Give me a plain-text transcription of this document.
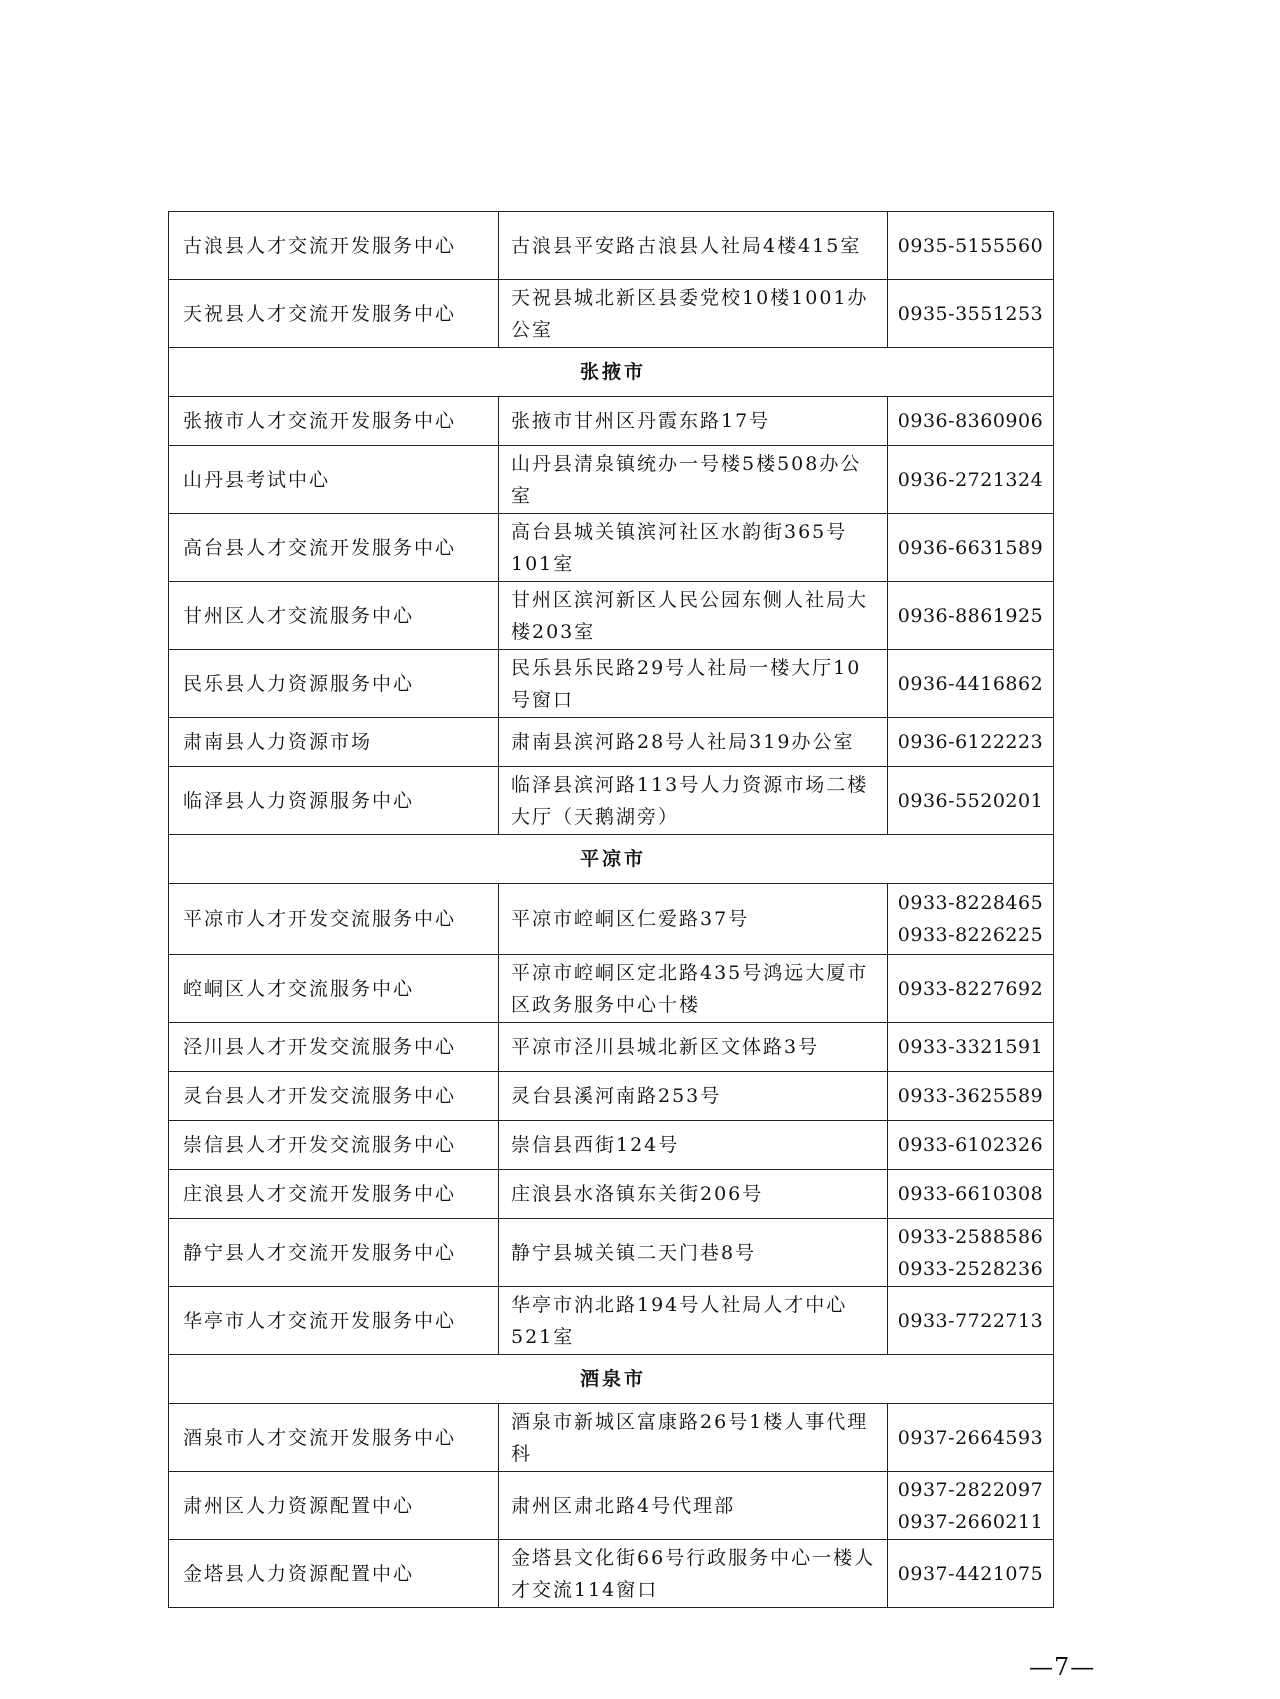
古浪县人才交流开发服务中心	古浪县平安路古浪县人社局4楼415室	0935-5155560

天祝县人才交流开发服务中心	天祝县城北新区县委党校10楼1001办公室	0935-3551253

张掖市		
张掖市人才交流开发服务中心	张掖市甘州区丹霞东路17号	0936-8360906

山丹县考试中心	山丹县清泉镇统办一号楼5楼508办公室	0936-2721324

高台县人才交流开发服务中心	高台县城关镇滨河社区水韵街365号101室	0936-6631589

甘州区人才交流服务中心	甘州区滨河新区人民公园东侧人社局大楼203室	0936-8861925

民乐县人力资源服务中心	民乐县乐民路29号人社局一楼大厅10号窗口	0936-4416862

肃南县人力资源市场	肃南县滨河路28号人社局319办公室	0936-6122223

临泽县人力资源服务中心	临泽县滨河路113号人力资源市场二楼大厅（天鹅湖旁）	0936-5520201

平凉市		
平凉市人才开发交流服务中心	平凉市崆峒区仁爱路37号	0933-8228465
0933-8226225

崆峒区人才交流服务中心	平凉市崆峒区定北路435号鸿远大厦市区政务服务中心十楼	0933-8227692

泾川县人才开发交流服务中心	平凉市泾川县城北新区文体路3号	0933-3321591

灵台县人才开发交流服务中心	灵台县溪河南路253号	0933-3625589

崇信县人才开发交流服务中心	崇信县西街124号	0933-6102326

庄浪县人才交流开发服务中心	庄浪县水洛镇东关街206号	0933-6610308

静宁县人才交流开发服务中心	静宁县城关镇二天门巷8号	0933-2588586
0933-2528236

华亭市人才交流开发服务中心	华亭市汭北路194号人社局人才中心521室	0933-7722713

酒泉市		
酒泉市人才交流开发服务中心	酒泉市新城区富康路26号1楼人事代理科	0937-2664593

肃州区人力资源配置中心	肃州区肃北路4号代理部	0937-2822097
0937-2660211

金塔县人力资源配置中心	金塔县文化街66号行政服务中心一楼人才交流114窗口	0937-4421075
—7—
